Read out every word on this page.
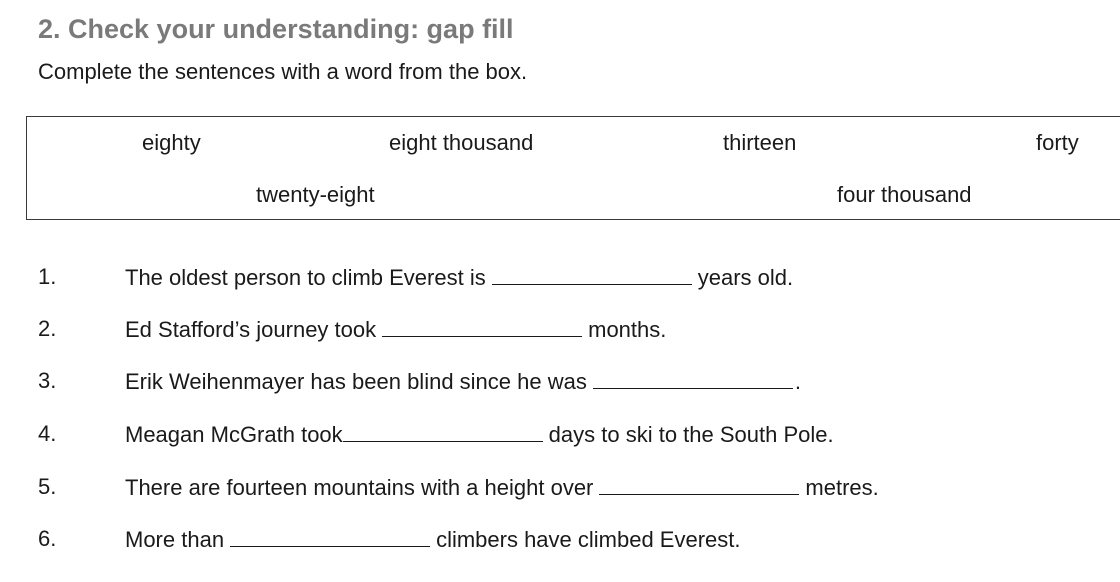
2. Check your understanding: gap fill
Complete the sentences with a word from the box.
eighty	eight thousand	thirteen	forty
twenty-eight	four thousand
1.	The oldest person to climb Everest is	years old.
2.	Ed Stafford’s journey took	months.
3.	Erik Weihenmayer has been blind since he was	.
4.	Meagan McGrath took	days to ski to the South Pole.
5.	There are fourteen mountains with a height over	metres.
6.	More than	climbers have climbed Everest.
